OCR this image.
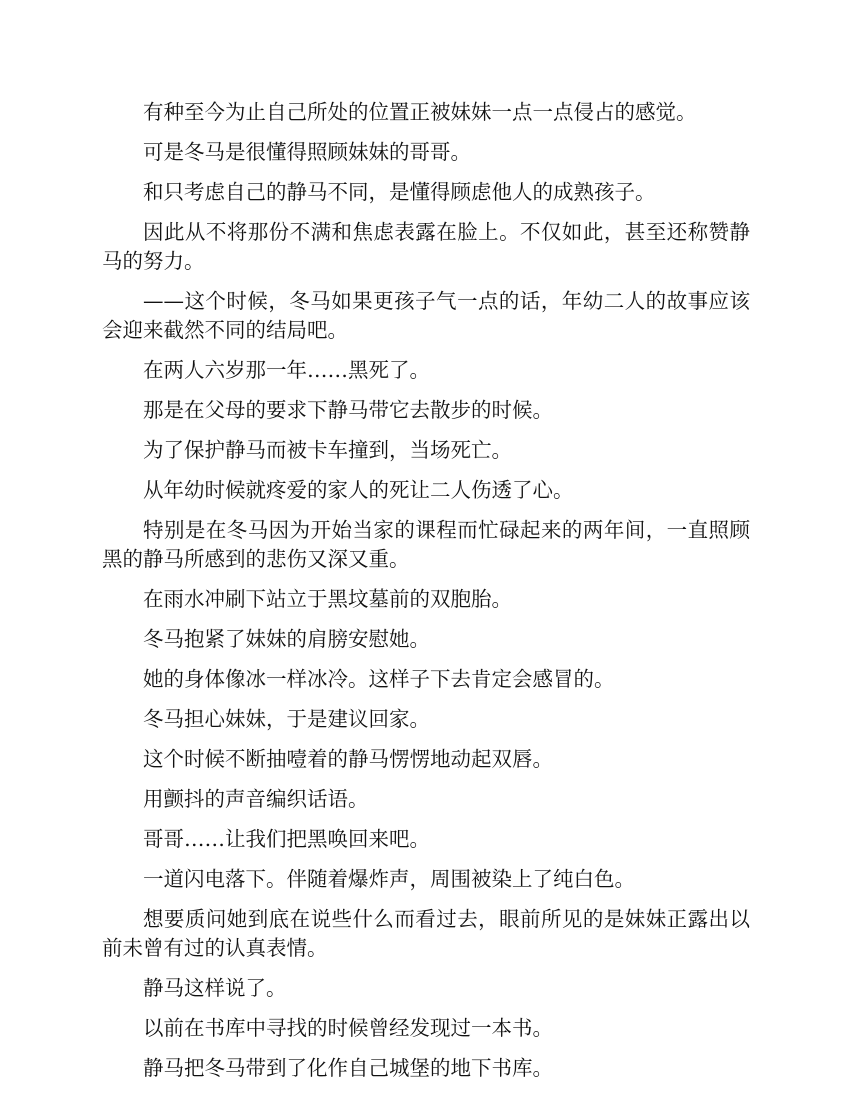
有种至今为止自己所处的位置正被妹妹一点一点侵占的感觉。

可是冬马是很懂得照顾妹妹的哥哥。

和只考虑自己的静马不同，是懂得顾虑他人的成熟孩子。

因此从不将那份不满和焦虑表露在脸上。不仅如此，甚至还称赞静马的努力。

——这个时候，冬马如果更孩子气一点的话，年幼二人的故事应该会迎来截然不同的结局吧。

在两人六岁那一年……黑死了。

那是在父母的要求下静马带它去散步的时候。

为了保护静马而被卡车撞到，当场死亡。

从年幼时候就疼爱的家人的死让二人伤透了心。

特别是在冬马因为开始当家的课程而忙碌起来的两年间，一直照顾黑的静马所感到的悲伤又深又重。

在雨水冲刷下站立于黑坟墓前的双胞胎。

冬马抱紧了妹妹的肩膀安慰她。

她的身体像冰一样冰冷。这样子下去肯定会感冒的。

冬马担心妹妹，于是建议回家。

这个时候不断抽噎着的静马愣愣地动起双唇。

用颤抖的声音编织话语。

哥哥……让我们把黑唤回来吧。

一道闪电落下。伴随着爆炸声，周围被染上了纯白色。

想要质问她到底在说些什么而看过去，眼前所见的是妹妹正露出以前未曾有过的认真表情。

静马这样说了。

以前在书库中寻找的时候曾经发现过一本书。

静马把冬马带到了化作自己城堡的地下书库。
